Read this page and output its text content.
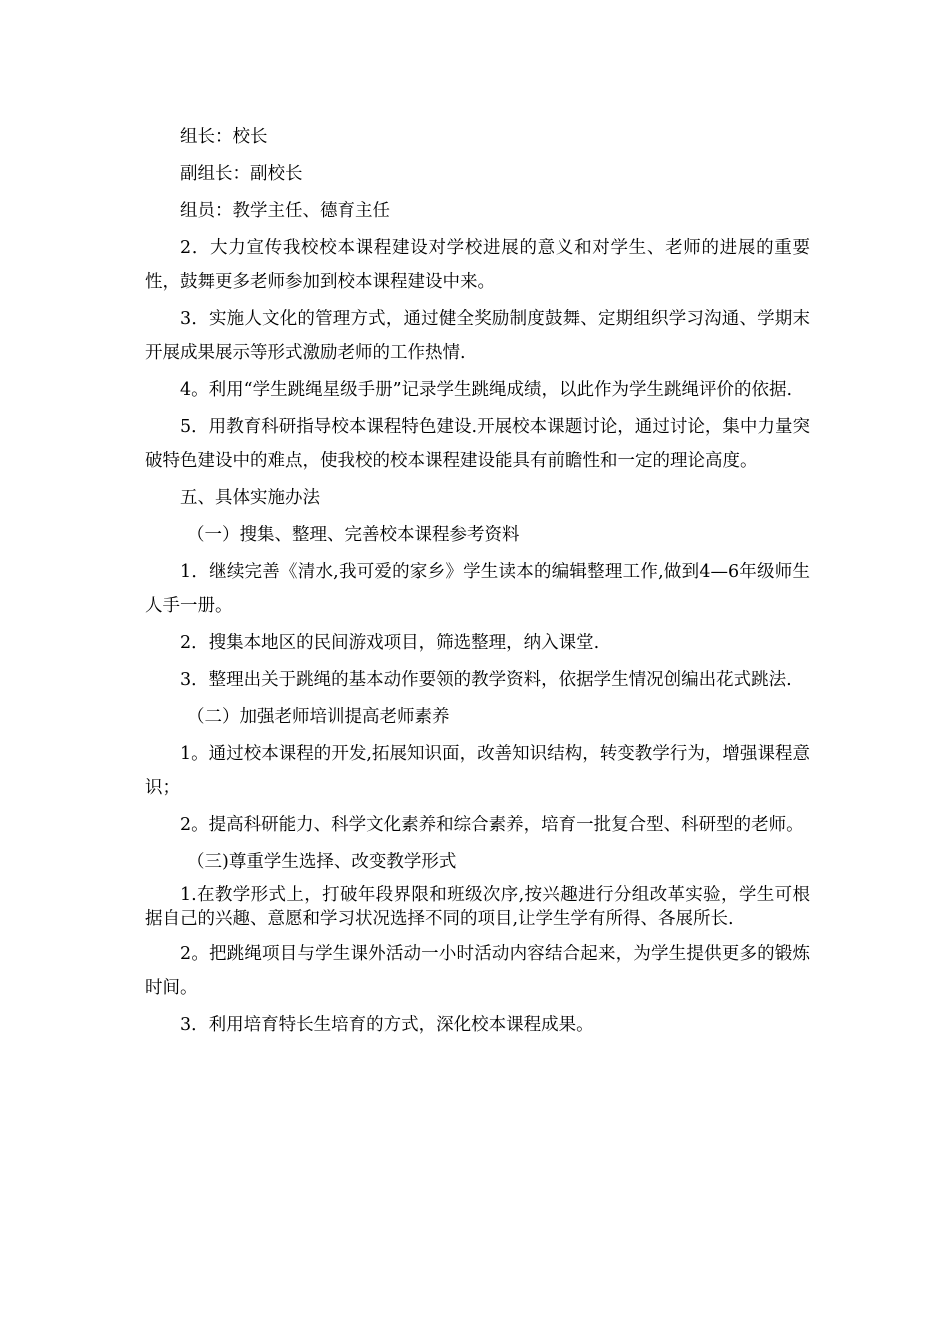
组长：校长

副组长：副校长

组员：教学主任、德育主任

2．大力宣传我校校本课程建设对学校进展的意义和对学生、老师的进展的重要性，鼓舞更多老师参加到校本课程建设中来。

3．实施人文化的管理方式，通过健全奖励制度鼓舞、定期组织学习沟通、学期末开展成果展示等形式激励老师的工作热情.

4。利用“学生跳绳星级手册”记录学生跳绳成绩，以此作为学生跳绳评价的依据.

5．用教育科研指导校本课程特色建设.开展校本课题讨论，通过讨论，集中力量突破特色建设中的难点，使我校的校本课程建设能具有前瞻性和一定的理论高度。

五、具体实施办法

（一）搜集、整理、完善校本课程参考资料

1．继续完善《清水,我可爱的家乡》学生读本的编辑整理工作,做到4—6年级师生人手一册。

2．搜集本地区的民间游戏项目，筛选整理，纳入课堂.

3．整理出关于跳绳的基本动作要领的教学资料，依据学生情况创编出花式跳法.

（二）加强老师培训提高老师素养

1。通过校本课程的开发,拓展知识面，改善知识结构，转变教学行为，增强课程意识；

2。提高科研能力、科学文化素养和综合素养，培育一批复合型、科研型的老师。

（三)尊重学生选择、改变教学形式

1.在教学形式上，打破年段界限和班级次序,按兴趣进行分组改革实验，学生可根据自己的兴趣、意愿和学习状况选择不同的项目,让学生学有所得、各展所长.

2。把跳绳项目与学生课外活动一小时活动内容结合起来，为学生提供更多的锻炼时间。

3．利用培育特长生培育的方式，深化校本课程成果。
